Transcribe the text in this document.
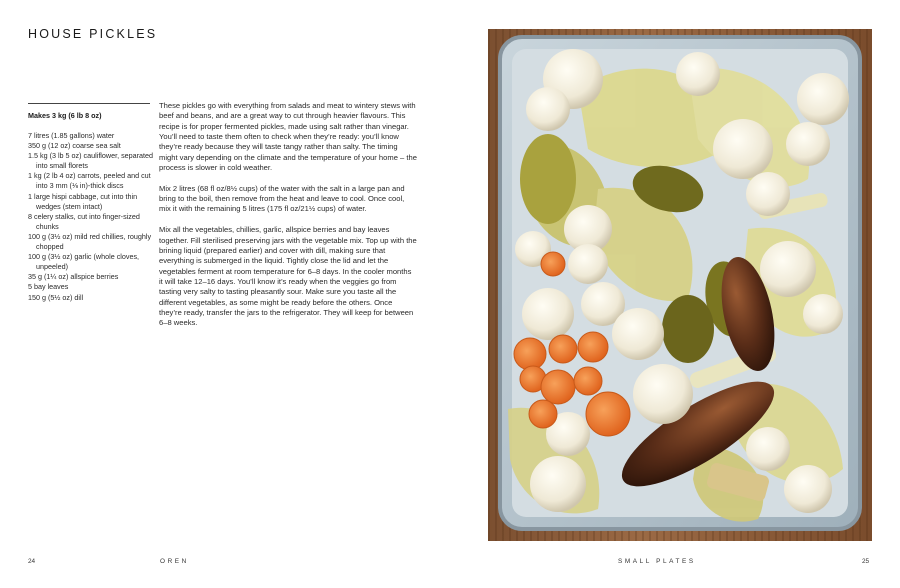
HOUSE PICKLES
Makes 3 kg (6 lb 8 oz)
7 litres (1.85 gallons) water
350 g (12 oz) coarse sea salt
1.5 kg (3 lb 5 oz) cauliflower, separated into small florets
1 kg (2 lb 4 oz) carrots, peeled and cut into 3 mm (⅛ in)-thick discs
1 large hispi cabbage, cut into thin wedges (stem intact)
8 celery stalks, cut into finger-sized chunks
100 g (3½ oz) mild red chillies, roughly chopped
100 g (3½ oz) garlic (whole cloves, unpeeled)
35 g (1¼ oz) allspice berries
5 bay leaves
150 g (5½ oz) dill

These pickles go with everything from salads and meat to wintery stews with beef and beans, and are a great way to cut through heavier flavours. This recipe is for proper fermented pickles, made using salt rather than vinegar. You’ll need to taste them often to check when they’re ready: you’ll know they’re ready because they will taste tangy rather than salty. The timing might vary depending on the climate and the temperature of your home – the process is slower in cold weather.

Mix 2 litres (68 fl oz/8½ cups) of the water with the salt in a large pan and bring to the boil, then remove from the heat and leave to cool. Once cool, mix it with the remaining 5 litres (175 fl oz/21½ cups) of water.

Mix all the vegetables, chillies, garlic, allspice berries and bay leaves together. Fill sterilised preserving jars with the vegetable mix. Top up with the brining liquid (prepared earlier) and cover with dill, making sure that everything is submerged in the liquid. Tightly close the lid and let the vegetables ferment at room temperature for 6–8 days. In the cooler months it will take 12–16 days. You’ll know it’s ready when the veggies go from tasting very salty to tasting pleasantly sour. Make sure you taste all the different vegetables, as some might be ready before the others. Once they’re ready, transfer the jars to the refrigerator. They will keep for between 6–8 weeks.

24	OREN	SMALL PLATES	25
